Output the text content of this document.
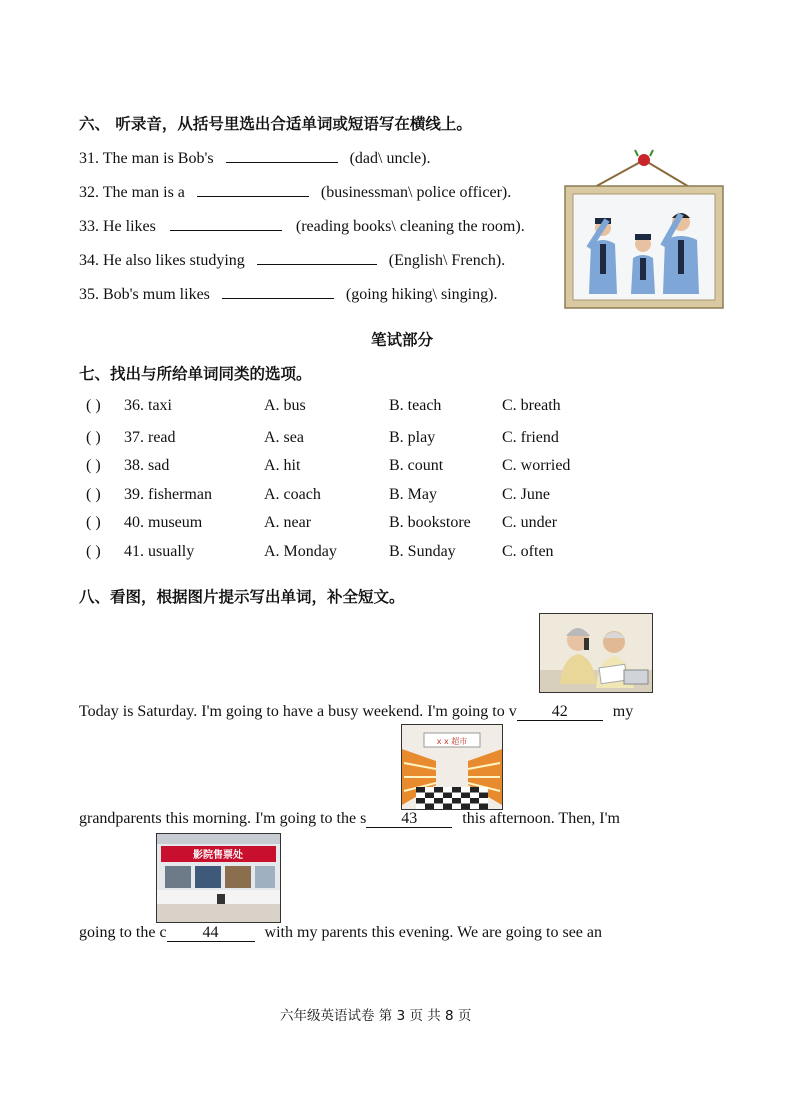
六、 听录音，从括号里选出合适单词或短语写在横线上。
31. The man is Bob's	(dad\ uncle).
32. The man is a	(businessman\ police officer).
33. He likes	(reading books\ cleaning the room).
34. He also likes studying	(English\ French).
35. Bob's mum likes	(going hiking\ singing).
笔试部分
七、找出与所给单词同类的选项。
( ) 36. taxi	A. bus	B. teach	C. breath
( ) 37. read	A. sea	B. play	C. friend
( ) 38. sad	A. hit	B. count	C. worried
( ) 39. fisherman	A. coach	B. May	C. June
( ) 40. museum	A. near	B. bookstore C. under
( ) 41. usually	A. Monday	B. Sunday	C. often
八、看图，根据图片提示写出单词，补全短文。
Today is Saturday. I'm going to have a busy weekend. I'm going to v 42	my
x x 超市
grandparents this morning. I'm going to the s 43	this afternoon. Then, I'm
影院售票处
going to the c 44	with my parents this evening. We are going to see an
六年级英语试卷 第 3 页 共 8 页
